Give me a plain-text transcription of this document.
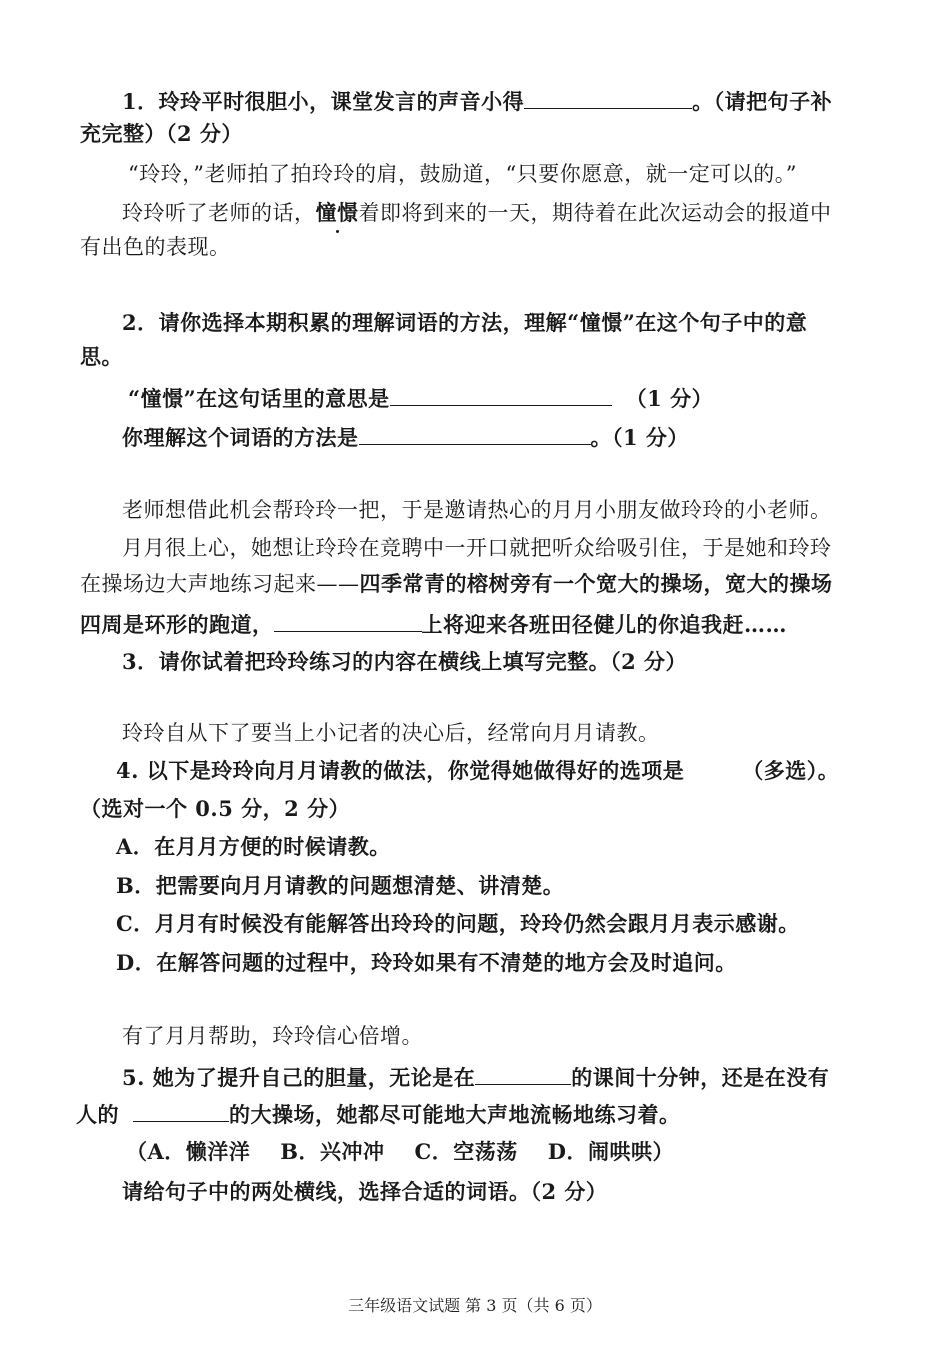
1．玲玲平时很胆小，课堂发言的声音小得	。（请把句子补
充完整）（2 分）
“玲玲，”老师拍了拍玲玲的肩，鼓励道，“只要你愿意，就一定可以的。”
玲玲听了老师的话，憧憬着即将到来的一天，期待着在此次运动会的报道中
有出色的表现。
2．请你选择本期积累的理解词语的方法，理解“憧憬”在这个句子中的意
思。
“憧憬”在这句话里的意思是	（1 分）
你理解这个词语的方法是	。（1 分）
老师想借此机会帮玲玲一把，于是邀请热心的月月小朋友做玲玲的小老师。
月月很上心，她想让玲玲在竞聘中一开口就把听众给吸引住，于是她和玲玲
在操场边大声地练习起来——四季常青的榕树旁有一个宽大的操场，宽大的操场
四周是环形的跑道，	上将迎来各班田径健儿的你追我赶……
3．请你试着把玲玲练习的内容在横线上填写完整。（2 分）
玲玲自从下了要当上小记者的决心后，经常向月月请教。
4. 以下是玲玲向月月请教的做法，你觉得她做得好的选项是	（多选）。
（选对一个 0.5 分，2 分）
A．在月月方便的时候请教。
B．把需要向月月请教的问题想清楚、讲清楚。
C．月月有时候没有能解答出玲玲的问题，玲玲仍然会跟月月表示感谢。
D．在解答问题的过程中，玲玲如果有不清楚的地方会及时追问。
有了月月帮助，玲玲信心倍增。
5. 她为了提升自己的胆量，无论是在	的课间十分钟，还是在没有
人的	的大操场，她都尽可能地大声地流畅地练习着。
（A．懒洋洋 B．兴冲冲 C．空荡荡 D．闹哄哄）
请给句子中的两处横线，选择合适的词语。（2 分）
三年级语文试题 第 3 页（共 6 页）
